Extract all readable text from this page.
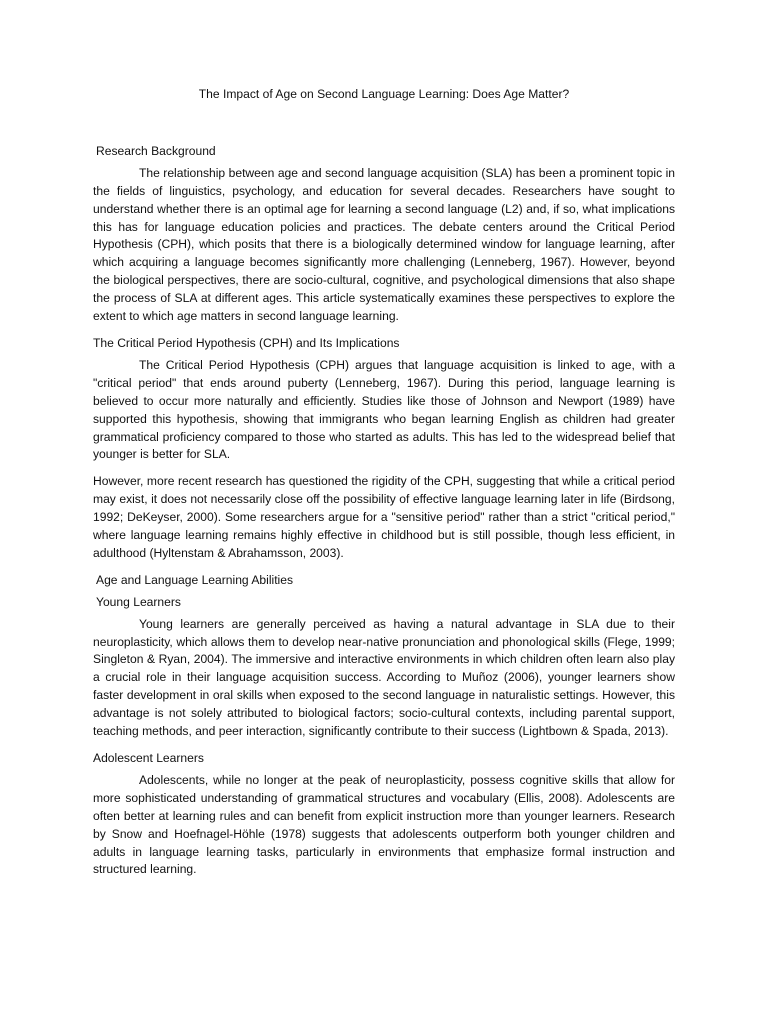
The Impact of Age on Second Language Learning: Does Age Matter?
Research Background

The relationship between age and second language acquisition (SLA) has been a prominent topic in the fields of linguistics, psychology, and education for several decades. Researchers have sought to understand whether there is an optimal age for learning a second language (L2) and, if so, what implications this has for language education policies and practices. The debate centers around the Critical Period Hypothesis (CPH), which posits that there is a biologically determined window for language learning, after which acquiring a language becomes significantly more challenging (Lenneberg, 1967). However, beyond the biological perspectives, there are socio-cultural, cognitive, and psychological dimensions that also shape the process of SLA at different ages. This article systematically examines these perspectives to explore the extent to which age matters in second language learning.

The Critical Period Hypothesis (CPH) and Its Implications

The Critical Period Hypothesis (CPH) argues that language acquisition is linked to age, with a "critical period" that ends around puberty (Lenneberg, 1967). During this period, language learning is believed to occur more naturally and efficiently. Studies like those of Johnson and Newport (1989) have supported this hypothesis, showing that immigrants who began learning English as children had greater grammatical proficiency compared to those who started as adults. This has led to the widespread belief that younger is better for SLA.

However, more recent research has questioned the rigidity of the CPH, suggesting that while a critical period may exist, it does not necessarily close off the possibility of effective language learning later in life (Birdsong, 1992; DeKeyser, 2000). Some researchers argue for a "sensitive period" rather than a strict "critical period," where language learning remains highly effective in childhood but is still possible, though less efficient, in adulthood (Hyltenstam & Abrahamsson, 2003).

Age and Language Learning Abilities
Young Learners

Young learners are generally perceived as having a natural advantage in SLA due to their neuroplasticity, which allows them to develop near-native pronunciation and phonological skills (Flege, 1999; Singleton & Ryan, 2004). The immersive and interactive environments in which children often learn also play a crucial role in their language acquisition success. According to Muñoz (2006), younger learners show faster development in oral skills when exposed to the second language in naturalistic settings. However, this advantage is not solely attributed to biological factors; socio-cultural contexts, including parental support, teaching methods, and peer interaction, significantly contribute to their success (Lightbown & Spada, 2013).

Adolescent Learners

Adolescents, while no longer at the peak of neuroplasticity, possess cognitive skills that allow for more sophisticated understanding of grammatical structures and vocabulary (Ellis, 2008). Adolescents are often better at learning rules and can benefit from explicit instruction more than younger learners. Research by Snow and Hoefnagel-Höhle (1978) suggests that adolescents outperform both younger children and adults in language learning tasks, particularly in environments that emphasize formal instruction and structured learning.
